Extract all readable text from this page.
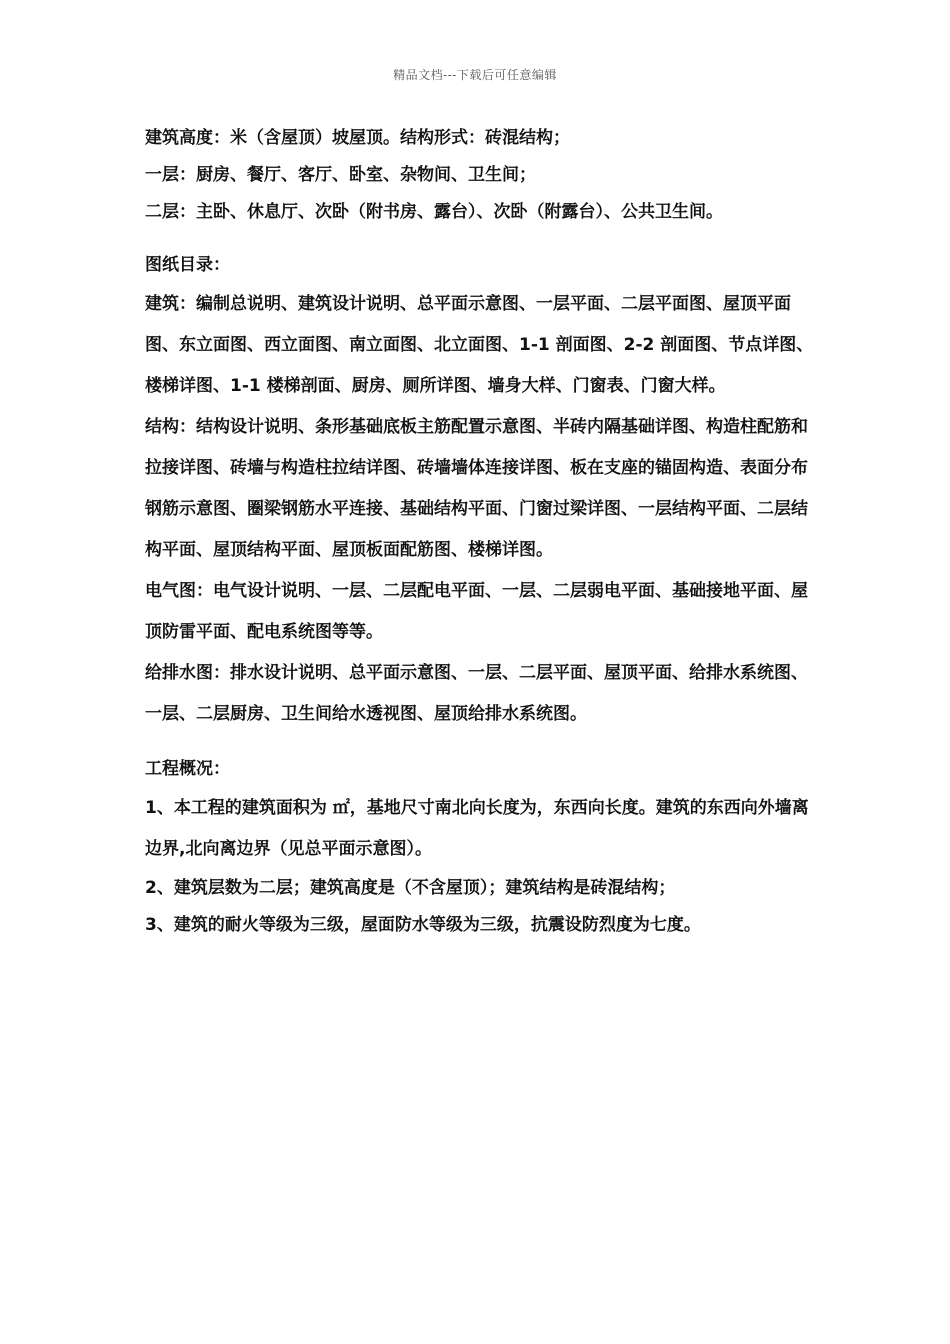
精品文档---下载后可任意编辑

建筑高度：米（含屋顶）坡屋顶。结构形式：砖混结构；

一层：厨房、餐厅、客厅、卧室、杂物间、卫生间；

二层：主卧、休息厅、次卧（附书房、露台）、次卧（附露台）、公共卫生间。

图纸目录：

建筑：编制总说明、建筑设计说明、总平面示意图、一层平面、二层平面图、屋顶平面图、东立面图、西立面图、南立面图、北立面图、1-1 剖面图、2-2 剖面图、节点详图、楼梯详图、1-1 楼梯剖面、厨房、厕所详图、墙身大样、门窗表、门窗大样。

结构：结构设计说明、条形基础底板主筋配置示意图、半砖内隔基础详图、构造柱配筋和拉接详图、砖墙与构造柱拉结详图、砖墙墙体连接详图、板在支座的锚固构造、表面分布钢筋示意图、圈梁钢筋水平连接、基础结构平面、门窗过梁详图、一层结构平面、二层结构平面、屋顶结构平面、屋顶板面配筋图、楼梯详图。

电气图：电气设计说明、一层、二层配电平面、一层、二层弱电平面、基础接地平面、屋顶防雷平面、配电系统图等等。

给排水图：排水设计说明、总平面示意图、一层、二层平面、屋顶平面、给排水系统图、一层、二层厨房、卫生间给水透视图、屋顶给排水系统图。

工程概况：

1、本工程的建筑面积为 ㎡，基地尺寸南北向长度为，东西向长度。建筑的东西向外墙离边界,北向离边界（见总平面示意图）。

2、建筑层数为二层；建筑高度是（不含屋顶）；建筑结构是砖混结构；

3、建筑的耐火等级为三级，屋面防水等级为三级，抗震设防烈度为七度。
